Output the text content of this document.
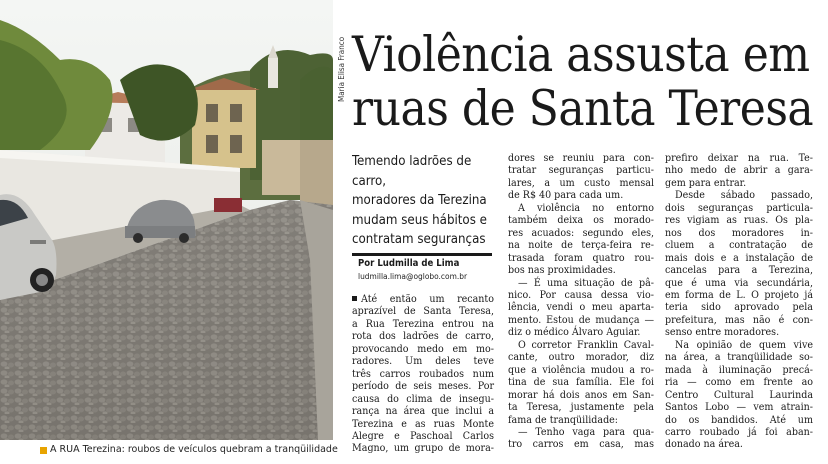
Maria Elisa Franco
A RUA Terezina: roubos de veículos quebram a tranqüilidade
Violência assusta em
ruas de Santa Teresa
Temendo ladrões de carro,
moradores da Terezina
mudam seus hábitos e
contratam seguranças
Por Ludmilla de Lima
ludmilla.lima@oglobo.com.br

Até então um recanto
aprazível de Santa Teresa,
a Rua Terezina entrou na
rota dos ladrões de carro,
provocando medo em mo-
radores. Um deles teve
três carros roubados num
período de seis meses. Por
causa do clima de insegu-
rança na área que inclui a
Terezina e as ruas Monte
Alegre e Paschoal Carlos
Magno, um grupo de mora-

dores se reuniu para con-
tratar seguranças particu-
lares, a um custo mensal
de R$ 40 para cada um.

A violência no entorno
também deixa os morado-
res acuados: segundo eles,
na noite de terça-feira re-
trasada foram quatro rou-
bos nas proximidades.

— É uma situação de pâ-
nico. Por causa dessa vio-
lência, vendi o meu aparta-
mento. Estou de mudança —
diz o médico Álvaro Aguiar.

O corretor Franklin Caval-
cante, outro morador, diz
que a violência mudou a ro-
tina de sua família. Ele foi
morar há dois anos em San-
ta Teresa, justamente pela
fama de tranqüilidade:

— Tenho vaga para qua-
tro carros em casa, mas

prefiro deixar na rua. Te-
nho medo de abrir a gara-
gem para entrar.

Desde sábado passado,
dois seguranças particula-
res vigiam as ruas. Os pla-
nos dos moradores in-
cluem a contratação de
mais dois e a instalação de
cancelas para a Terezina,
que é uma via secundária,
em forma de L. O projeto já
teria sido aprovado pela
prefeitura, mas não é con-
senso entre moradores.

Na opinião de quem vive
na área, a tranqüilidade so-
mada à iluminação precá-
ria — como em frente ao
Centro Cultural Laurinda
Santos Lobo — vem atrain-
do os bandidos. Até um
carro roubado já foi aban-
donado na área.
